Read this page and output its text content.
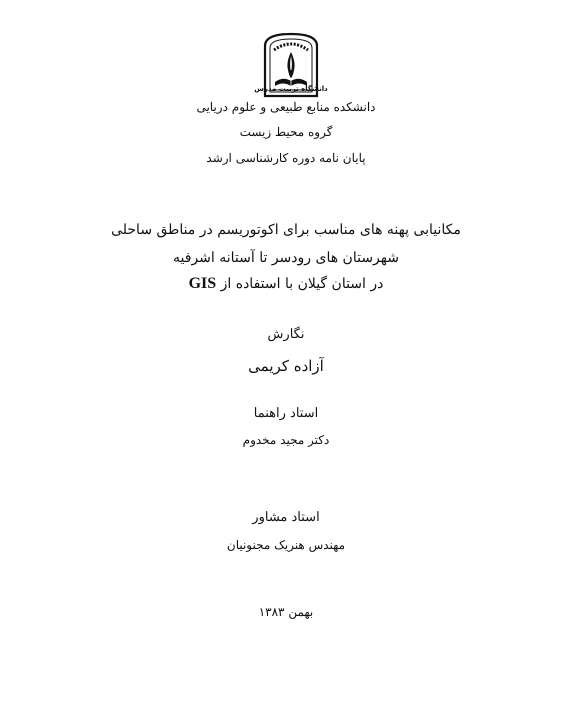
دانشگاه تربیت مدرس
دانشکده منابع طبیعی و علوم دریایی
گروه محیط زیست
پایان نامه دوره کارشناسی ارشد
مکانیابی پهنه های مناسب برای اکوتوریسم در مناطق ساحلی
شهرستان های رودسر تا آستانه اشرفیه
در استان گیلان با استفاده از GIS
نگارش
آزاده کریمی
استاد راهنما
دکتر مجید مخدوم
استاد مشاور
مهندس هنریک مجنونیان
بهمن ۱۳۸۳
